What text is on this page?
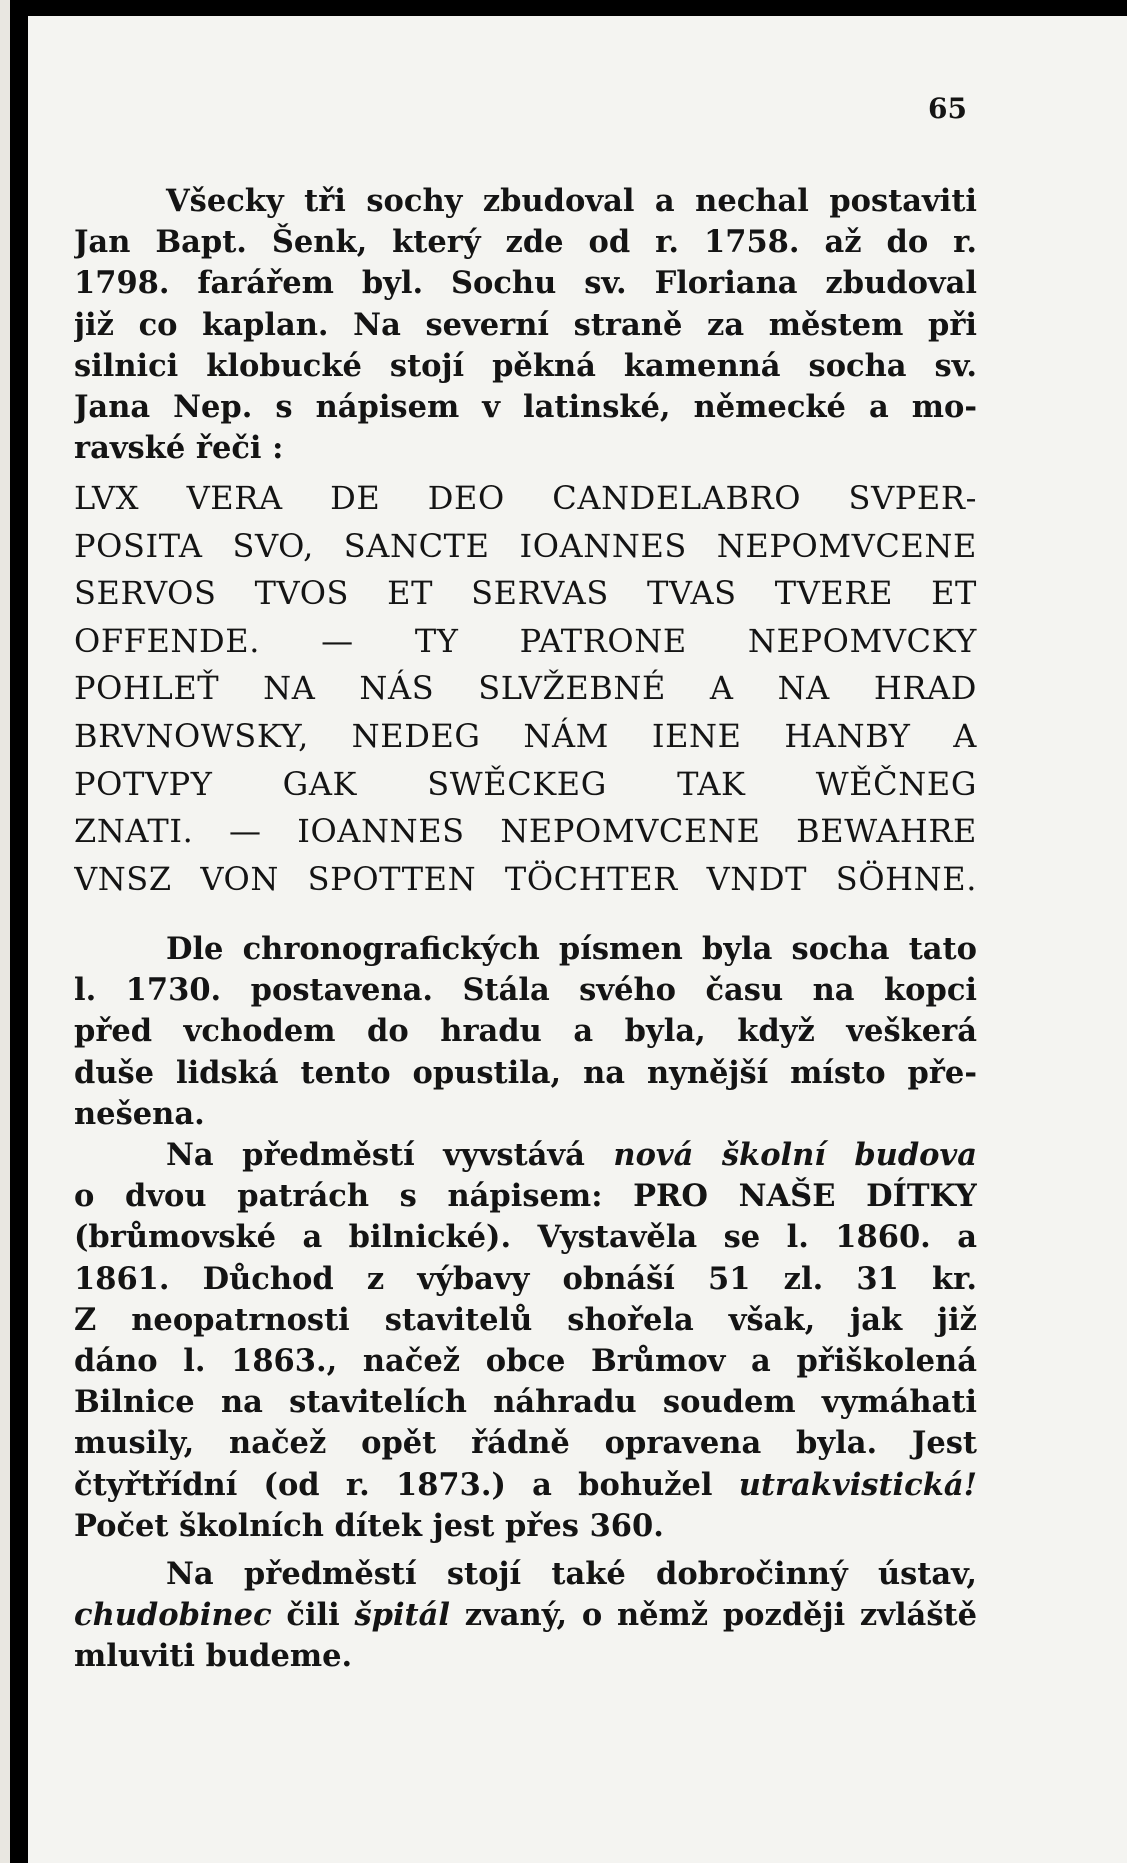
65
Všecky tři sochy zbudoval a nechal postaviti
Jan Bapt. Šenk, který zde od r. 1758. až do r.
1798. farářem byl. Sochu sv. Floriana zbudoval
již co kaplan. Na severní straně za městem při
silnici klobucké stojí pěkná kamenná socha sv.
Jana Nep. s nápisem v latinské, německé a mo-
ravské řeči :
LVX VERA DE DEO CANDELABRO SVPER-
POSITA SVO, SANCTE IOANNES NEPOMVCENE
SERVOS TVOS ET SERVAS TVAS TVERE ET
OFFENDE. — TY PATRONE NEPOMVCKY
POHLEŤ NA NÁS SLVŽEBNÉ A NA HRAD
BRVNOWSKY, NEDEG NÁM IENE HANBY A
POTVPY GAK SWĚCKEG TAK WĚČNEG
ZNATI. — IOANNES NEPOMVCENE BEWAHRE
VNSZ VON SPOTTEN TÖCHTER VNDT SÖHNE.
Dle chronografických písmen byla socha tato
l. 1730. postavena. Stála svého času na kopci
před vchodem do hradu a byla, když veškerá
duše lidská tento opustila, na nynější místo pře-
nešena.
Na předměstí vyvstává nová školní budova
o dvou patrách s nápisem: PRO NAŠE DÍTKY
(brůmovské a bilnické). Vystavěla se l. 1860. a
1861. Důchod z výbavy obnáší 51 zl. 31 kr.
Z neopatrnosti stavitelů shořela však, jak již
dáno l. 1863., načež obce Brůmov a přiškolená
Bilnice na stavitelích náhradu soudem vymáhati
musily, načež opět řádně opravena byla. Jest
čtyřtřídní (od r. 1873.) a bohužel utrakvistická!
Počet školních dítek jest přes 360.
Na předměstí stojí také dobročinný ústav,
chudobinec čili špitál zvaný, o němž později zvláště
mluviti budeme.
